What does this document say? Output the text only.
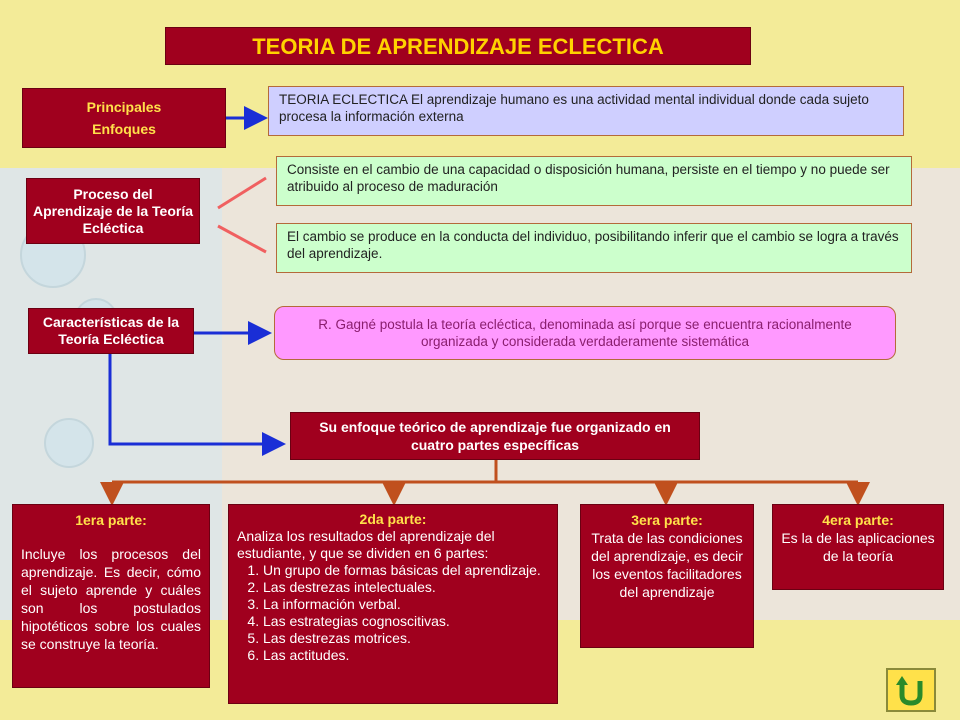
TEORIA DE APRENDIZAJE ECLECTICA
Principales
Enfoques
TEORIA ECLECTICA El aprendizaje humano es una actividad mental individual donde cada sujeto procesa la información externa
Proceso del Aprendizaje de la Teoría Ecléctica
Consiste en el cambio de una capacidad o disposición humana, persiste en el tiempo y no puede ser atribuido al proceso de maduración
El cambio se produce en la conducta del individuo, posibilitando inferir que el cambio se logra a través del aprendizaje.
Características de la Teoría Ecléctica
R. Gagné postula la teoría ecléctica, denominada así porque se encuentra racionalmente organizada y considerada verdaderamente sistemática
Su enfoque teórico de aprendizaje fue organizado en cuatro partes específicas
1era parte:
Incluye los procesos del aprendizaje. Es decir, cómo el sujeto aprende y cuáles son los postulados hipotéticos sobre los cuales se construye la teoría.
2da parte:
Analiza los resultados del aprendizaje del estudiante, y que se dividen en 6 partes:
1. Un grupo de formas básicas del aprendizaje.
2. Las destrezas intelectuales.
3. La información verbal.
4. Las estrategias cognoscitivas.
5. Las destrezas motrices.
6. Las actitudes.
3era parte:
Trata de las condiciones del aprendizaje, es decir los eventos facilitadores del aprendizaje
4era parte:
Es la de las aplicaciones de la teoría
